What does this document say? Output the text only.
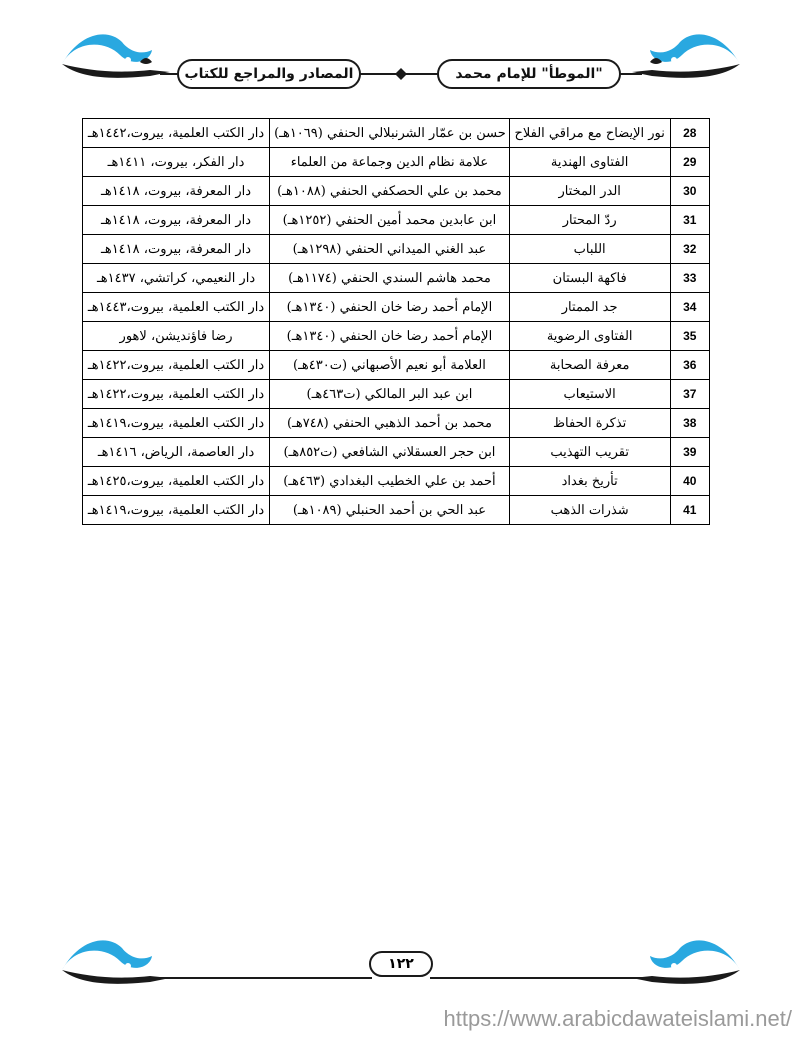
المصادر والمراجع للكتاب	"الموطأ" للإمام محمد
28	نور الإيضاح مع مراقي الفلاح	حسن بن عمّار الشرنبلالي الحنفي (١٠٦٩هـ)	دار الكتب العلمية، بيروت،١٤٤٢هـ
29	الفتاوى الهندية	علامة نظام الدين وجماعة من العلماء	دار الفكر، بيروت، ١٤١١هـ
30	الدر المختار	محمد بن علي الحصكفي الحنفي (١٠٨٨هـ)	دار المعرفة، بيروت، ١٤١٨هـ
31	ردّ المحتار	ابن عابدين محمد أمين الحنفي (١٢٥٢هـ)	دار المعرفة، بيروت، ١٤١٨هـ
32	اللباب	عبد الغني الميداني الحنفي (١٢٩٨هـ)	دار المعرفة، بيروت، ١٤١٨هـ
33	فاكهة البستان	محمد هاشم السندي الحنفي (١١٧٤هـ)	دار النعيمي، كراتشي، ١٤٣٧هـ
34	جد الممتار	الإمام أحمد رضا خان الحنفي (١٣٤٠هـ)	دار الكتب العلمية، بيروت،١٤٤٣هـ
35	الفتاوى الرضوية	الإمام أحمد رضا خان الحنفي (١٣٤٠هـ)	رضا فاؤنديشن، لاهور
36	معرفة الصحابة	العلامة أبو نعيم الأصبهاني (ت٤٣٠هـ)	دار الكتب العلمية، بيروت،١٤٢٢هـ
37	الاستيعاب	ابن عبد البر المالكي (ت٤٦٣هـ)	دار الكتب العلمية، بيروت،١٤٢٢هـ
38	تذكرة الحفاظ	محمد بن أحمد الذهبي الحنفي (٧٤٨هـ)	دار الكتب العلمية، بيروت،١٤١٩هـ
39	تقريب التهذيب	ابن حجر العسقلاني الشافعي (ت٨٥٢هـ)	دار العاصمة، الرياض، ١٤١٦هـ
40	تأريخ بغداد	أحمد بن علي الخطيب البغدادي (٤٦٣هـ)	دار الكتب العلمية، بيروت،١٤٢٥هـ
41	شذرات الذهب	عبد الحي بن أحمد الحنبلي (١٠٨٩هـ)	دار الكتب العلمية، بيروت،١٤١٩هـ
١٢٢
https://www.arabicdawateislami.net/
